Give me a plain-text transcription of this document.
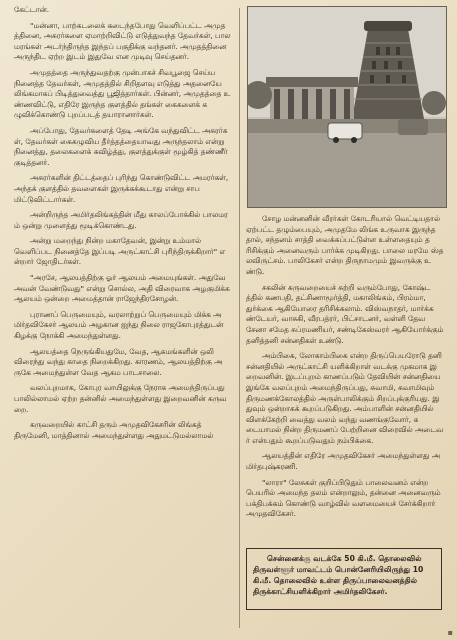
கேட்டான்.

"மன்னா, பாற்கடலைக் கடைந்தபோது வெளிப்பட்ட அமுதத்தினை, அசுரர்களை ஏமாற்றிவிட்டு எடுத்துவந்த தேவர்கள், பாலமரங்கள் அடர்ந்திருந்த இந்தப் பகுதிக்கு வந்தனர். அமுதத்தினை அருந்திட ஏற்ற இடம் இதுவே என முடிவு செய்தனர்.

அமுதத்தை அருந்துவதற்கு முன்பாகச் சிவபூஜை செய்ய நினைத்த தேவர்கள், அமுதத்தில் சிறிதளவு எடுத்து அதனையே லிங்கமாகப் பிடித்துவைத்து பூஜித்தார்கள். பின்னர், அமுதத்தை உண்ணவிட்டு, எதிரே இருந்த குளத்தில் தங்கள் கைகளைக் கழுவிக்கொண்டு புறப்படத் தயாரானார்கள்.

அப்போது, தேவர்களைத் தேடி அங்கே வந்துவிட்ட அசுரர்கள், தேவர்கள் கைகழுவிய தீர்த்தத்தையாவது அருந்தலாம் என்று நினைத்து, தலைகளைக் கவிழ்த்து, குளத்துக்குள் மூழ்கித் தண்ணீர் குடித்தனர்.

அசுரர்களின் திட்டத்தைப் புரிந்து கொண்டுவிட்ட அமரர்கள், அந்தக் குளத்தில் தவளைகள் இருக்கக்கூடாது என்று சாபமிட்டுவிட்டார்கள்.

அன்றிருந்த அமிர்தலிங்கத்தின் மீது காலப்போக்கில் பாலமரம் ஒன்று முளைத்து மூடிக்கொண்டது.

அன்று மறைந்து நின்ற மகாதேவன், இன்று உம்மால் வெளிப்பட நினைத்தே இப்படி அருட்காட்சி புரிந்திருக்கிறார்" என்றார் ஜோதிடர்கள்.

"அரசே, ஆலயத்திற்கு ஓர் ஆலயம் அமையுங்கள். அதுவே அவன் வேண்டுவது" என்று சொல்ல, அதி விரைவாக அழகுமிக்க ஆலயம் ஒன்றை அமைத்தான் ராஜேந்திரசோழன்.

புராணப் பெருமையும், வரலாற்றுப் பெருமையும் மிக்க அமிர்தவிகேசர் ஆலயம் அழகான ஐந்து நிலை ராஜகோபுரத்துடன் கிழக்கு நோக்கி அமைந்துள்ளது.

ஆலயத்தை நெருங்கியதுமே, வேத, ஆகமங்களின் ஒலி விரைந்து வந்து காதை நிறைக்கிறது. காரணம், ஆலயத்திற்கு அருகே அமைந்துள்ள வேத ஆகம பாடசாலை.

வலப்புறமாக, கோபுர வாயிலுக்கு நேராக அமைந்திருப்பது பாலில்லாமல் ஏற்ற தன்னில் அமைந்துள்ளது இறைவனின் கருவறை.

கருவறையில் காட்சி தரும் அமுதவிகேசரின் லிங்கத் திருமேனி, மாத்தினால் அமைந்துள்ளது அதுமட்டுமல்லாமல்

சோழ மன்னனின் வீரர்கள் கோடரியால் வெட்டியதால் ஏற்பட்ட தழும்பையும், அமுதமே லிங்க உருவாக இருந்ததால், சந்தனம் சாத்தி வைக்கப்பட்டுள்ள உள்ளதையும் தரிசிக்கும் அனைவரும் பார்க்க முடிகிறது. பாலை மரமே ஸ்தலவிருட்சம். பாலிகேசர் என்ற திருநாமமும் இவருக்கு உண்டு.

சகலின் கருவறையைச் சுற்றி வரும்போது, கோஷ்டத்தில் கணபதி, தட்சிணாமூர்த்தி, மகாலிங்கம், பிரம்மா, துர்க்கை ஆகியோரை தரிசிக்கலாம். விஸ்வநாதர், மார்க்கண்டேயர், வாசுகி, வீரபத்ரர், பிட்சாடனர், வள்ளி தேவசேனா சமேத சுப்ரமணியர், சண்டிகேஸ்வரர் ஆகியோர்க்கும் தனித்தனி சன்னதிகள் உண்டு.

அம்பிகை, லோகாம்பிகை என்ற திருப்பெயரோடு தனி சன்னதியில் அருட்காட்சி யளிக்கிறாள் வடக்கு முகமாக இறைவனின். இடப்புறம் காணப்படும் தேவியின் சன்னதியை இங்கே வலப்புறம் அமைந்திருப்பது, சுவாமி, சுவாமிவும் திருமணக்கோலத்தில் அருள்பாலிக்கும் சிறப்புக்குரியது. இதுவும் ஒன்றாகக் கூறப்படுகிறது. அம்பாளின் சன்னதியில் விளக்கேற்றி வைத்து வலம் வந்து வணங்குவோர், கடையாமல் நின்ற திருமணப் பேற்றினை விரைவில் அடைவர் என்பதும் கூறப்படுவதும் நம்பிக்கை.

ஆலயத்தின் எதிரே அமுதவிகேசர் அமைந்துள்ளது அமிர்தபுஷ்கரணி.

"லாரா" லேசுகள் குறிப்பிடுதும் பாலைவனம் என்ற பெயரில் அமைந்த தலம் என்றாலும், தன்னை அனைவரும் பக்திபக்கம் கொண்டு வாழ்வில் வளமையைச் சேர்க்கிறார் அமுதவிகேசர்.

சென்னைக்கு வடக்கே 50 கி.மீ. தொலைவில் திருவள்ளூர் மாவட்டம் பொன்னேரியிலிருந்து 10 கி.மீ. தொலைவில் உள்ள திருப்பாலைவனத்தில் திருக்காட்சியளிக்கிறார் அமிர்தலிகேசர்.

▪
